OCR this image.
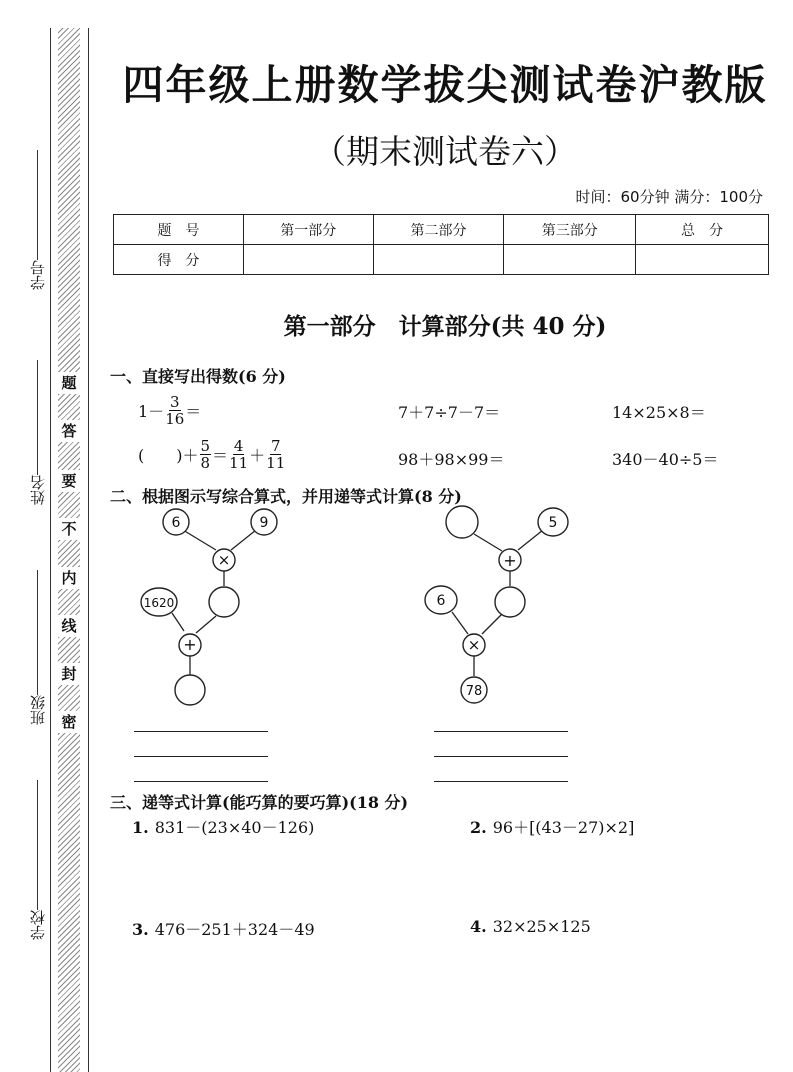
学号
姓名
班级
学校
题
答
要
不
内
线
封
密
四年级上册数学拔尖测试卷沪教版
（期末测试卷六）
时间：60分钟 满分：100分
题　号	第一部分	第二部分	第三部分	总　分
得　分				
第一部分　计算部分(共 40 分)
一、直接写出得数(6 分)
$1- \frac{3}{16}$ ＝	7＋7÷7－7＝	14×25×8＝
(　　)＋ $\frac{5}{8} = \frac{4}{11} + \frac{7}{11}$	98＋98×99＝	340－40÷5＝
二、根据图示写综合算式，并用递等式计算(8 分)
6	9
×
1620
+
5
+
6
×
78
三、递等式计算(能巧算的要巧算)(18 分)
1. 831－(23×40－126)	2. 96＋[(43－27)×2]
3. 476－251＋324－49	4. 32×25×125
